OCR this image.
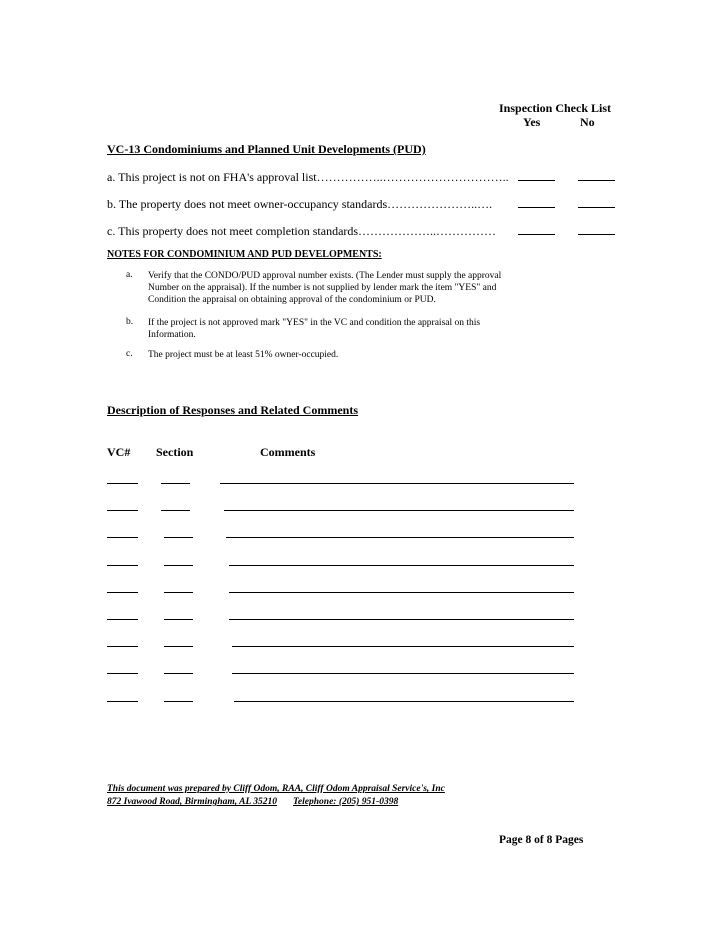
Inspection Check List
Yes	No
VC-13 Condominiums and Planned Unit Developments (PUD)
a. This project is not on FHA's approval list……………..…………………………..
b. The property does not meet owner-occupancy standards…………………..….
c. This property does not meet completion standards………………..……………
NOTES FOR CONDOMINIUM AND PUD DEVELOPMENTS:
a. Verify that the CONDO/PUD approval number exists. (The Lender must supply the approval
Number on the appraisal). If the number is not supplied by lender mark the item "YES" and
Condition the appraisal on obtaining approval of the condominium or PUD.
b. If the project is not approved mark "YES" in the VC and condition the appraisal on this
Information.
c. The project must be at least 51% owner-occupied.
Description of Responses and Related Comments
VC# Section	Comments
This document was prepared by Cliff Odom, RAA, Cliff Odom Appraisal Service's, Inc
872 Ivawood Road, Birmingham, AL 35210 Telephone: (205) 951-0398
Page 8 of 8 Pages
